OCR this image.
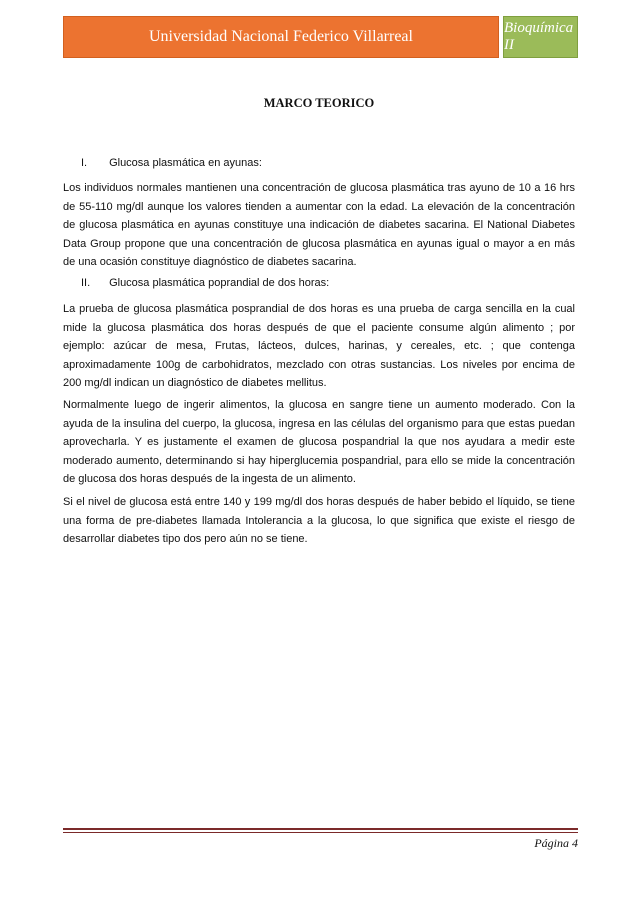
Universidad Nacional Federico Villarreal	Bioquímica II
MARCO TEORICO
I. Glucosa plasmática en ayunas:

Los individuos normales mantienen una concentración de glucosa plasmática tras ayuno de 10 a 16 hrs de 55-110 mg/dl aunque los valores tienden a aumentar con la edad. La elevación de la concentración de glucosa plasmática en ayunas constituye una indicación de diabetes sacarina. El National Diabetes Data Group propone que una concentración de glucosa plasmática en ayunas igual o mayor a en más de una ocasión constituye diagnóstico de diabetes sacarina.

II. Glucosa plasmática poprandial de dos horas:

La prueba de glucosa plasmática posprandial de dos horas es una prueba de carga sencilla en la cual mide la glucosa plasmática dos horas después de que el paciente consume algún alimento ; por ejemplo: azúcar de mesa, Frutas, lácteos, dulces, harinas, y cereales, etc. ; que contenga aproximadamente 100g de carbohidratos, mezclado con otras sustancias. Los niveles por encima de 200 mg/dl indican un diagnóstico de diabetes mellitus.

Normalmente luego de ingerir alimentos, la glucosa en sangre tiene un aumento moderado. Con la ayuda de la insulina del cuerpo, la glucosa, ingresa en las células del organismo para que estas puedan aprovecharla. Y es justamente el examen de glucosa pospandrial la que nos ayudara a medir este moderado aumento, determinando si hay hiperglucemia pospandrial, para ello se mide la concentración de glucosa dos horas después de la ingesta de un alimento.

Si el nivel de glucosa está entre 140 y 199 mg/dl dos horas después de haber bebido el líquido, se tiene una forma de pre-diabetes llamada Intolerancia a la glucosa, lo que significa que existe el riesgo de desarrollar diabetes tipo dos pero aún no se tiene.

Página 4
